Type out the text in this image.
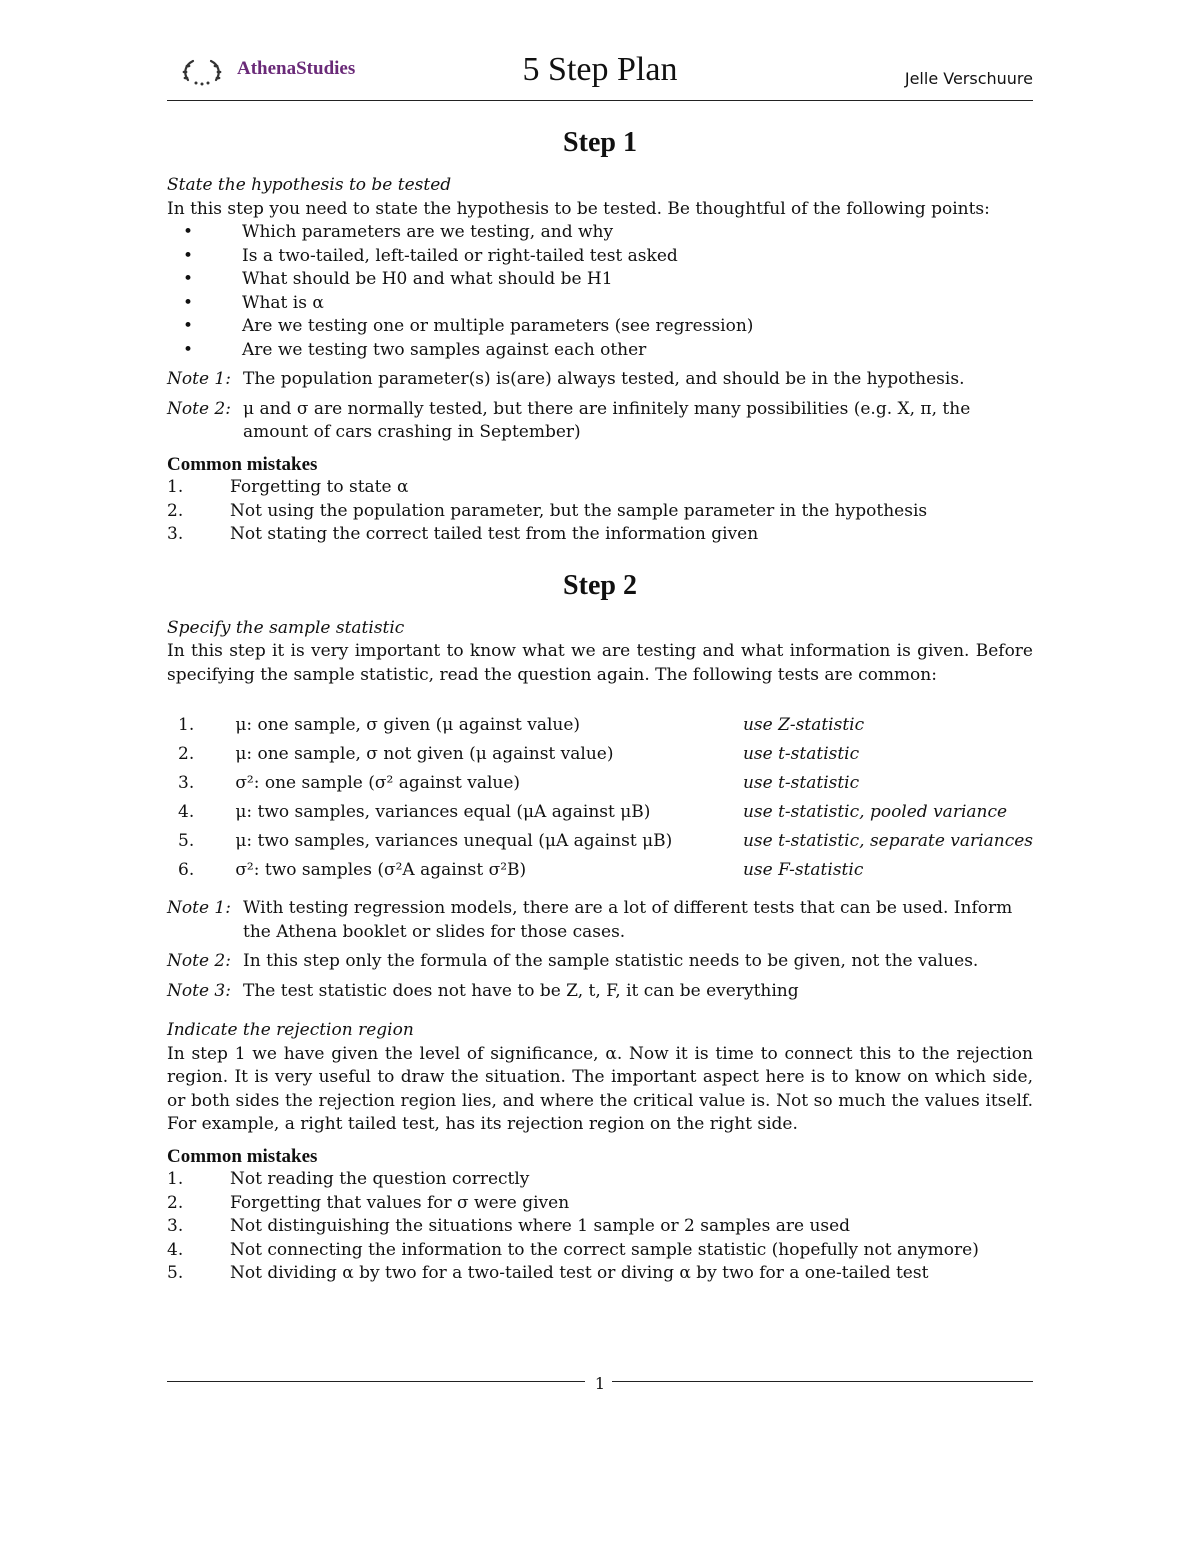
AthenaStudies	5 Step Plan	Jelle Verschuure
Step 1

State the hypothesis to be tested

In this step you need to state the hypothesis to be tested. Be thoughtful of the following points:

•	Which parameters are we testing, and why
•	Is a two-tailed, left-tailed or right-tailed test asked
•	What should be H0 and what should be H1
•	What is α
•	Are we testing one or multiple parameters (see regression)
•	Are we testing two samples against each other
Note 1: The population parameter(s) is(are) always tested, and should be in the hypothesis.
Note 2: μ and σ are normally tested, but there are infinitely many possibilities (e.g. X, π, the amount of cars crashing in September)
Common mistakes
1.	Forgetting to state α
2.	Not using the population parameter, but the sample parameter in the hypothesis
3.	Not stating the correct tailed test from the information given
Step 2

Specify the sample statistic

In this step it is very important to know what we are testing and what information is given. Before specifying the sample statistic, read the question again. The following tests are common:

1.	μ: one sample, σ given (μ against value)	use Z-statistic
2.	μ: one sample, σ not given (μ against value)	use t-statistic
3.	σ²: one sample (σ² against value)	use t-statistic
4.	μ: two samples, variances equal (μA against μB)	use t-statistic, pooled variance
5.	μ: two samples, variances unequal (μA against μB)	use t-statistic, separate variances
6.	σ²: two samples (σ²A against σ²B)	use F-statistic
Note 1: With testing regression models, there are a lot of different tests that can be used. Inform the Athena booklet or slides for those cases.
Note 2: In this step only the formula of the sample statistic needs to be given, not the values.
Note 3: The test statistic does not have to be Z, t, F, it can be everything

Indicate the rejection region

In step 1 we have given the level of significance, α. Now it is time to connect this to the rejection region. It is very useful to draw the situation. The important aspect here is to know on which side, or both sides the rejection region lies, and where the critical value is. Not so much the values itself. For example, a right tailed test, has its rejection region on the right side.

Common mistakes
1.	Not reading the question correctly
2.	Forgetting that values for σ were given
3.	Not distinguishing the situations where 1 sample or 2 samples are used
4.	Not connecting the information to the correct sample statistic (hopefully not anymore)
5.	Not dividing α by two for a two-tailed test or diving α by two for a one-tailed test
1
